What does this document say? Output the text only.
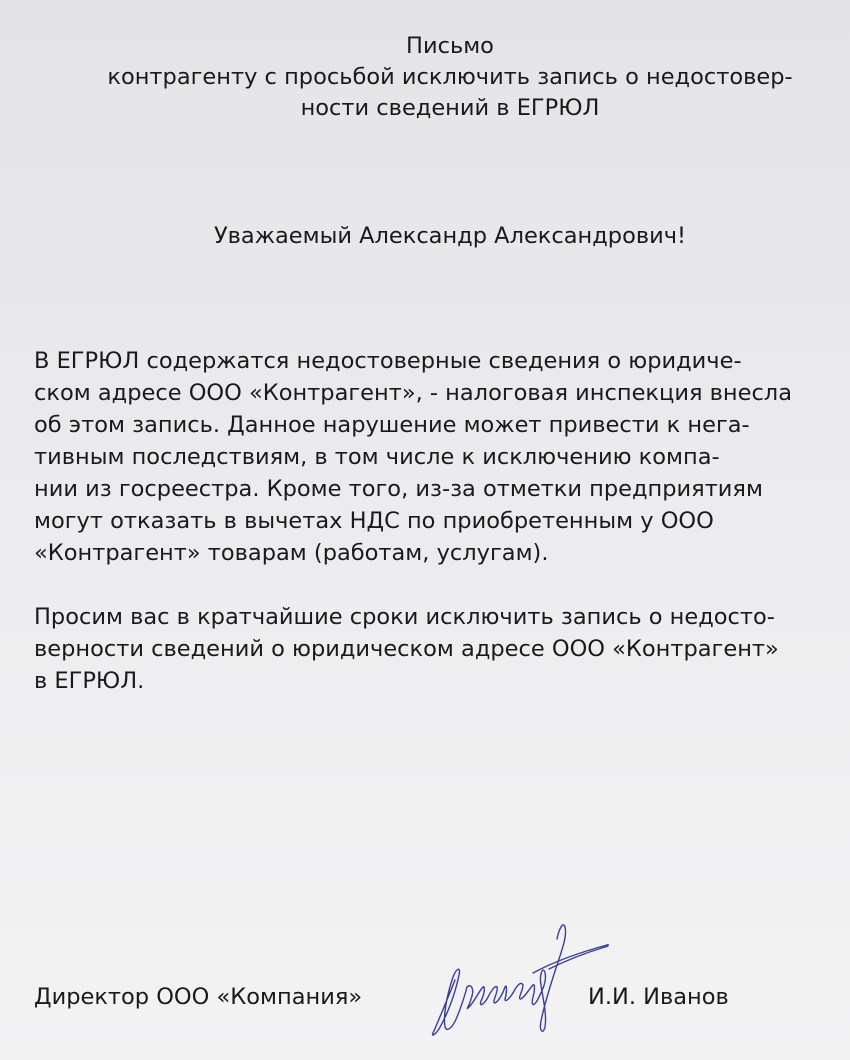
Письмо
контрагенту с просьбой исключить запись о недостовер-
ности сведений в ЕГРЮЛ
Уважаемый Александр Александрович!
В ЕГРЮЛ содержатся недостоверные сведения о юридиче-
ском адресе ООО «Контрагент», - налоговая инспекция внесла
об этом запись. Данное нарушение может привести к нега-
тивным последствиям, в том числе к исключению компа-
нии из госреестра. Кроме того, из-за отметки предприятиям
могут отказать в вычетах НДС по приобретенным у ООО
«Контрагент» товарам (работам, услугам).
Просим вас в кратчайшие сроки исключить запись о недосто-
верности сведений о юридическом адресе ООО «Контрагент»
в ЕГРЮЛ.
Директор ООО «Компания»	И.И. Иванов
